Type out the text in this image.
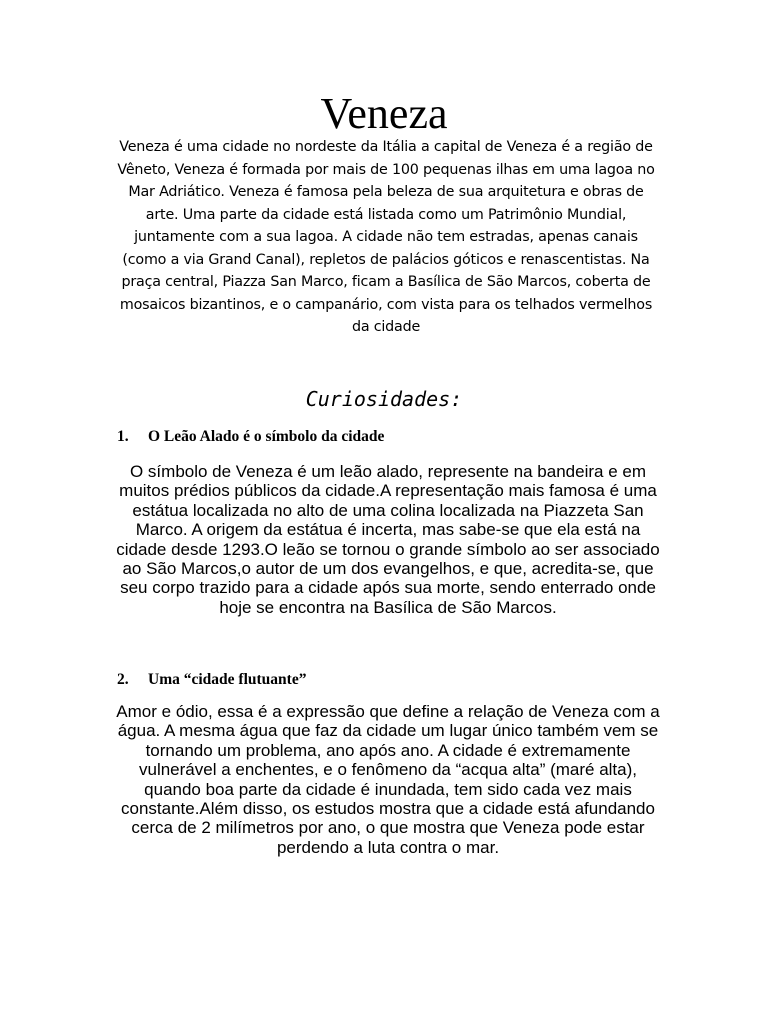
Veneza

Veneza é uma cidade no nordeste da Itália a capital de Veneza é a região de Vêneto, Veneza é formada por mais de 100 pequenas ilhas em uma lagoa no Mar Adriático. Veneza é famosa pela beleza de sua arquitetura e obras de arte. Uma parte da cidade está listada como um Patrimônio Mundial, juntamente com a sua lagoa. A cidade não tem estradas, apenas canais (como a via Grand Canal), repletos de palácios góticos e renascentistas. Na praça central, Piazza San Marco, ficam a Basílica de São Marcos, coberta de mosaicos bizantinos, e o campanário, com vista para os telhados vermelhos da cidade

Curiosidades:
1. O Leão Alado é o símbolo da cidade

O símbolo de Veneza é um leão alado, represente na bandeira e em muitos prédios públicos da cidade.A representação mais famosa é uma estátua localizada no alto de uma colina localizada na Piazzeta San Marco. A origem da estátua é incerta, mas sabe-se que ela está na cidade desde 1293.O leão se tornou o grande símbolo ao ser associado ao São Marcos,o autor de um dos evangelhos, e que, acredita-se, que seu corpo trazido para a cidade após sua morte, sendo enterrado onde hoje se encontra na Basílica de São Marcos.

2. Uma “cidade flutuante”

Amor e ódio, essa é a expressão que define a relação de Veneza com a água. A mesma água que faz da cidade um lugar único também vem se tornando um problema, ano após ano. A cidade é extremamente vulnerável a enchentes, e o fenômeno da “acqua alta” (maré alta), quando boa parte da cidade é inundada, tem sido cada vez mais constante.Além disso, os estudos mostra que a cidade está afundando cerca de 2 milímetros por ano, o que mostra que Veneza pode estar perdendo a luta contra o mar.
